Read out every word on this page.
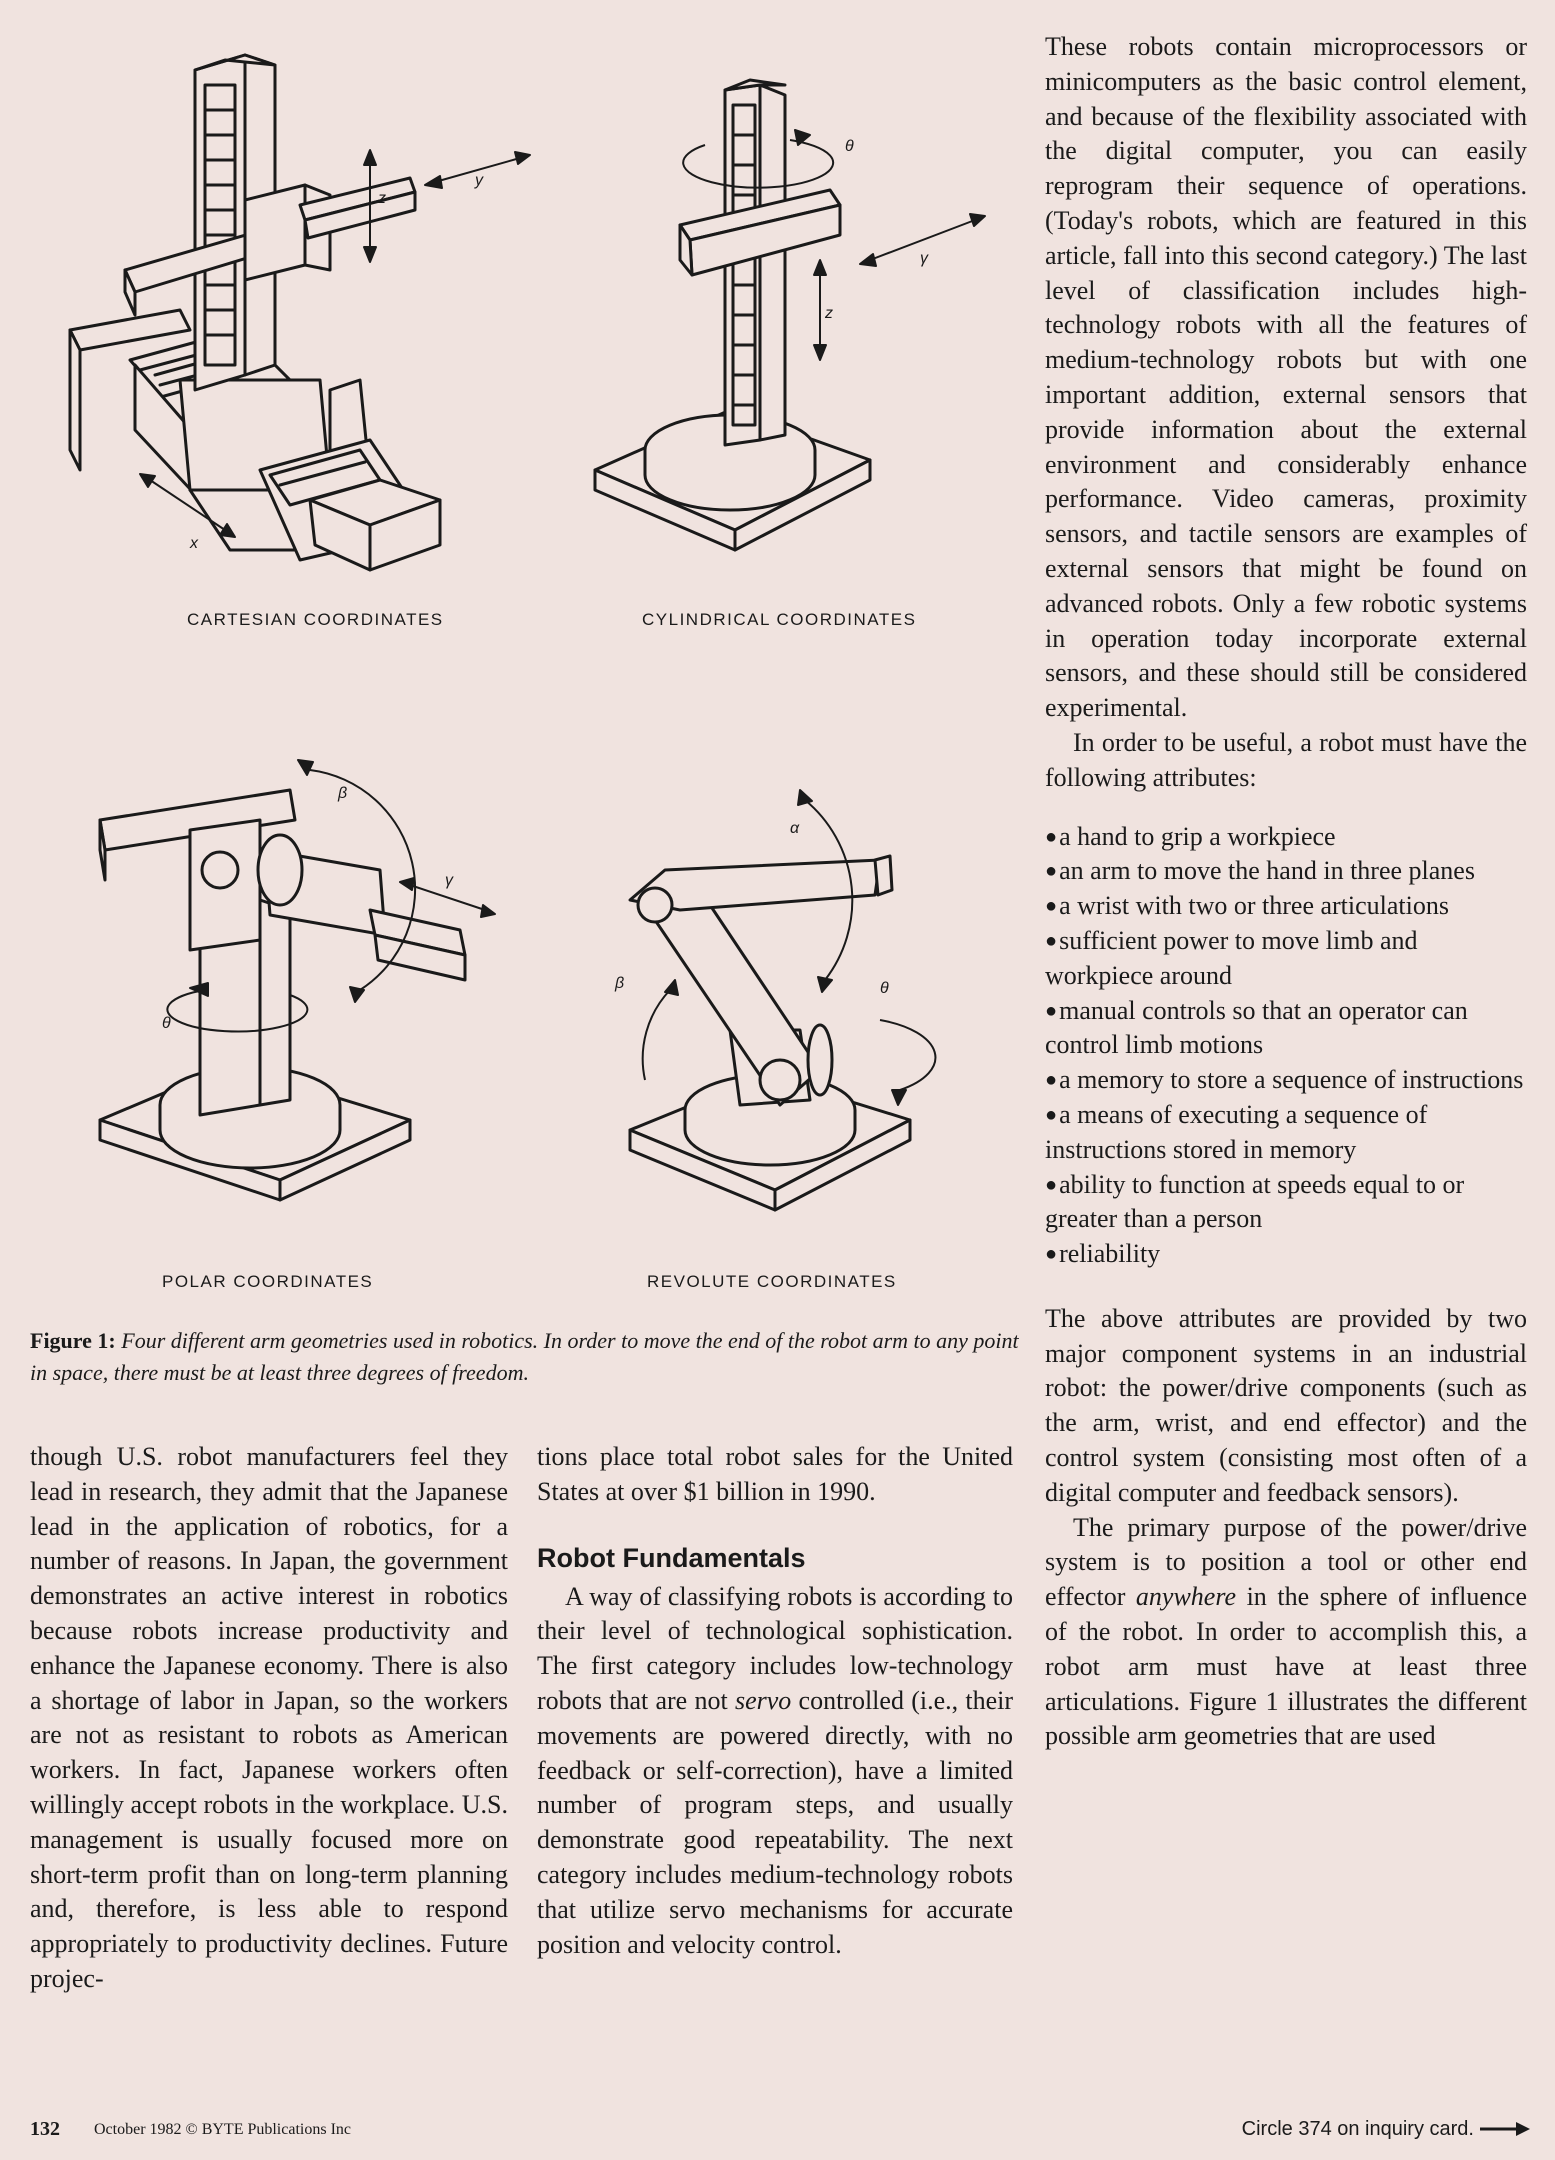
z
y
x
θ
γ
z
β
γ
θ
α
β	θ
CARTESIAN COORDINATES	CYLINDRICAL COORDINATES
POLAR COORDINATES	REVOLUTE COORDINATES
Figure 1: Four different arm geometries used in robotics. In order to move the end of the robot arm to any point in space, there must be at least three degrees of freedom.

though U.S. robot manufacturers feel they lead in research, they admit that the Japanese lead in the application of robotics, for a number of reasons. In Japan, the government demonstrates an active interest in robotics because robots increase productivity and enhance the Japanese economy. There is also a shortage of labor in Japan, so the workers are not as resistant to robots as American workers. In fact, Japanese workers often willingly accept robots in the workplace. U.S. management is usually focused more on short-term profit than on long-term planning and, therefore, is less able to respond appropriately to productivity declines. Future projec-

tions place total robot sales for the United States at over $1 billion in 1990.

Robot Fundamentals

A way of classifying robots is according to their level of technological sophistication. The first category includes low-technology robots that are not servo controlled (i.e., their movements are powered directly, with no feedback or self-correction), have a limited number of program steps, and usually demonstrate good repeatability. The next category includes medium-technology robots that utilize servo mechanisms for accurate position and velocity control.

These robots contain microprocessors or minicomputers as the basic control element, and because of the flexibility associated with the digital computer, you can easily reprogram their sequence of operations. (Today's robots, which are featured in this article, fall into this second category.) The last level of classification includes high-technology robots with all the features of medium-technology robots but with one important addition, external sensors that provide information about the external environment and considerably enhance performance. Video cameras, proximity sensors, and tactile sensors are examples of external sensors that might be found on advanced robots. Only a few robotic systems in operation today incorporate external sensors, and these should still be considered experimental.

In order to be useful, a robot must have the following attributes:

● a hand to grip a workpiece
● an arm to move the hand in three planes
● a wrist with two or three articulations
● sufficient power to move limb and workpiece around
● manual controls so that an operator can control limb motions
● a memory to store a sequence of instructions
● a means of executing a sequence of instructions stored in memory
● ability to function at speeds equal to or greater than a person
● reliability

The above attributes are provided by two major component systems in an industrial robot: the power/drive components (such as the arm, wrist, and end effector) and the control system (consisting most often of a digital computer and feedback sensors).

The primary purpose of the power/drive system is to position a tool or other end effector anywhere in the sphere of influence of the robot. In order to accomplish this, a robot arm must have at least three articulations. Figure 1 illustrates the different possible arm geometries that are used

132 October 1982 © BYTE Publications Inc	Circle 374 on inquiry card.
